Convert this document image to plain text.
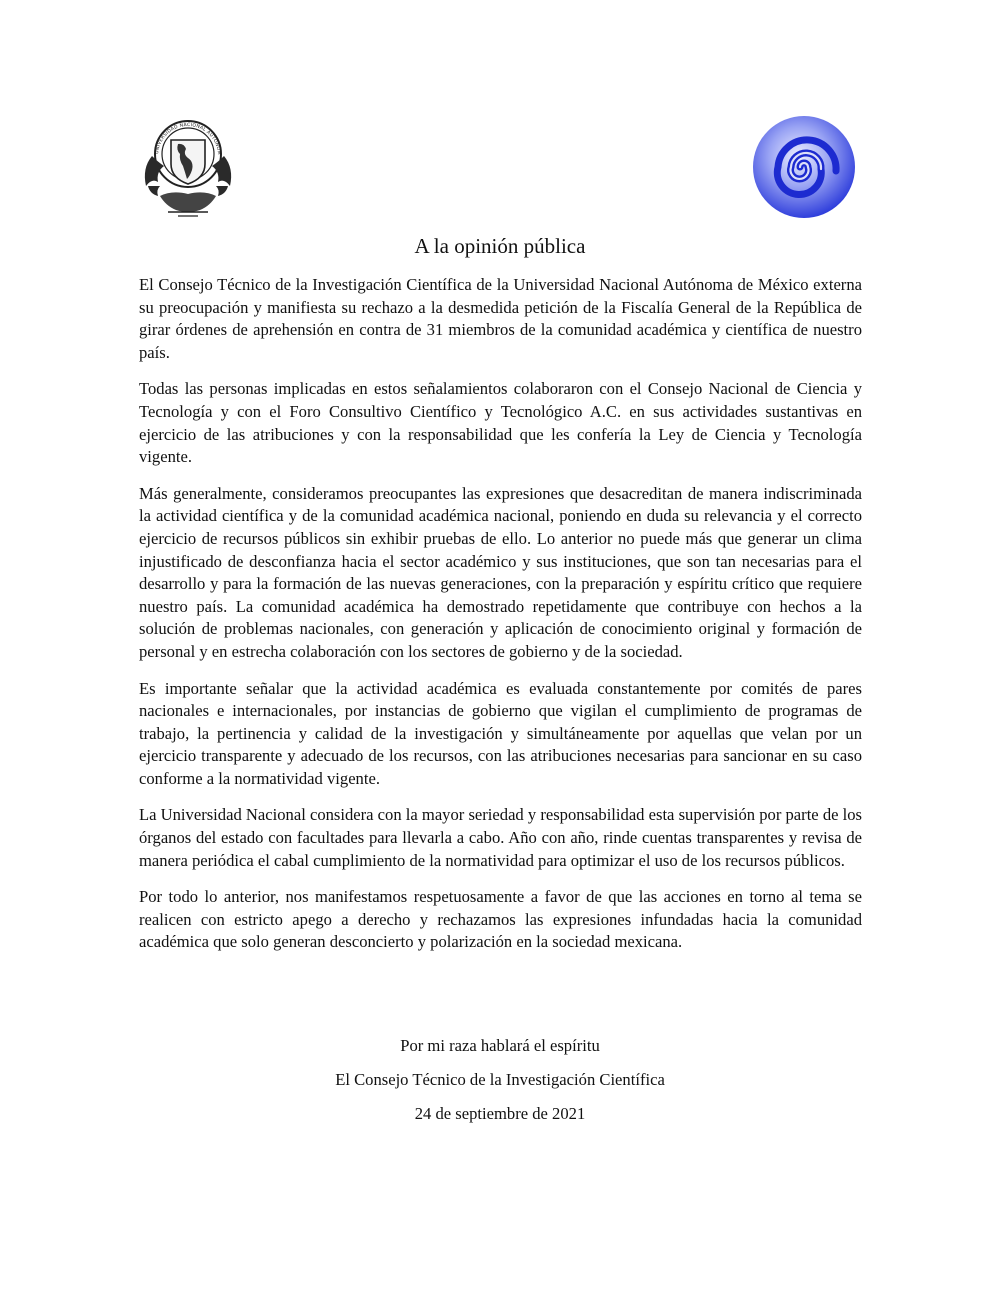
UNIVERSIDAD NACIONAL AUTÓNOM
A la opinión pública

El Consejo Técnico de la Investigación Científica de la Universidad Nacional Autónoma de México externa su preocupación y manifiesta su rechazo a la desmedida petición de la Fiscalía General de la República de girar órdenes de aprehensión en contra de 31 miembros de la comunidad académica y científica de nuestro país.

Todas las personas implicadas en estos señalamientos colaboraron con el Consejo Nacional de Ciencia y Tecnología y con el Foro Consultivo Científico y Tecnológico A.C. en sus actividades sustantivas en ejercicio de las atribuciones y con la responsabilidad que les confería la Ley de Ciencia y Tecnología vigente.

Más generalmente, consideramos preocupantes las expresiones que desacreditan de manera indiscriminada la actividad científica y de la comunidad académica nacional, poniendo en duda su relevancia y el correcto ejercicio de recursos públicos sin exhibir pruebas de ello. Lo anterior no puede más que generar un clima injustificado de desconfianza hacia el sector académico y sus instituciones, que son tan necesarias para el desarrollo y para la formación de las nuevas generaciones, con la preparación y espíritu crítico que requiere nuestro país. La comunidad académica ha demostrado repetidamente que contribuye con hechos a la solución de problemas nacionales, con generación y aplicación de conocimiento original y formación de personal y en estrecha colaboración con los sectores de gobierno y de la sociedad.

Es importante señalar que la actividad académica es evaluada constantemente por comités de pares nacionales e internacionales, por instancias de gobierno que vigilan el cumplimiento de programas de trabajo, la pertinencia y calidad de la investigación y simultáneamente por aquellas que velan por un ejercicio transparente y adecuado de los recursos, con las atribuciones necesarias para sancionar en su caso conforme a la normatividad vigente.

La Universidad Nacional considera con la mayor seriedad y responsabilidad esta supervisión por parte de los órganos del estado con facultades para llevarla a cabo. Año con año, rinde cuentas transparentes y revisa de manera periódica el cabal cumplimiento de la normatividad para optimizar el uso de los recursos públicos.

Por todo lo anterior, nos manifestamos respetuosamente a favor de que las acciones en torno al tema se realicen con estricto apego a derecho y rechazamos las expresiones infundadas hacia la comunidad académica que solo generan desconcierto y polarización en la sociedad mexicana.

Por mi raza hablará el espíritu
El Consejo Técnico de la Investigación Científica
24 de septiembre de 2021
